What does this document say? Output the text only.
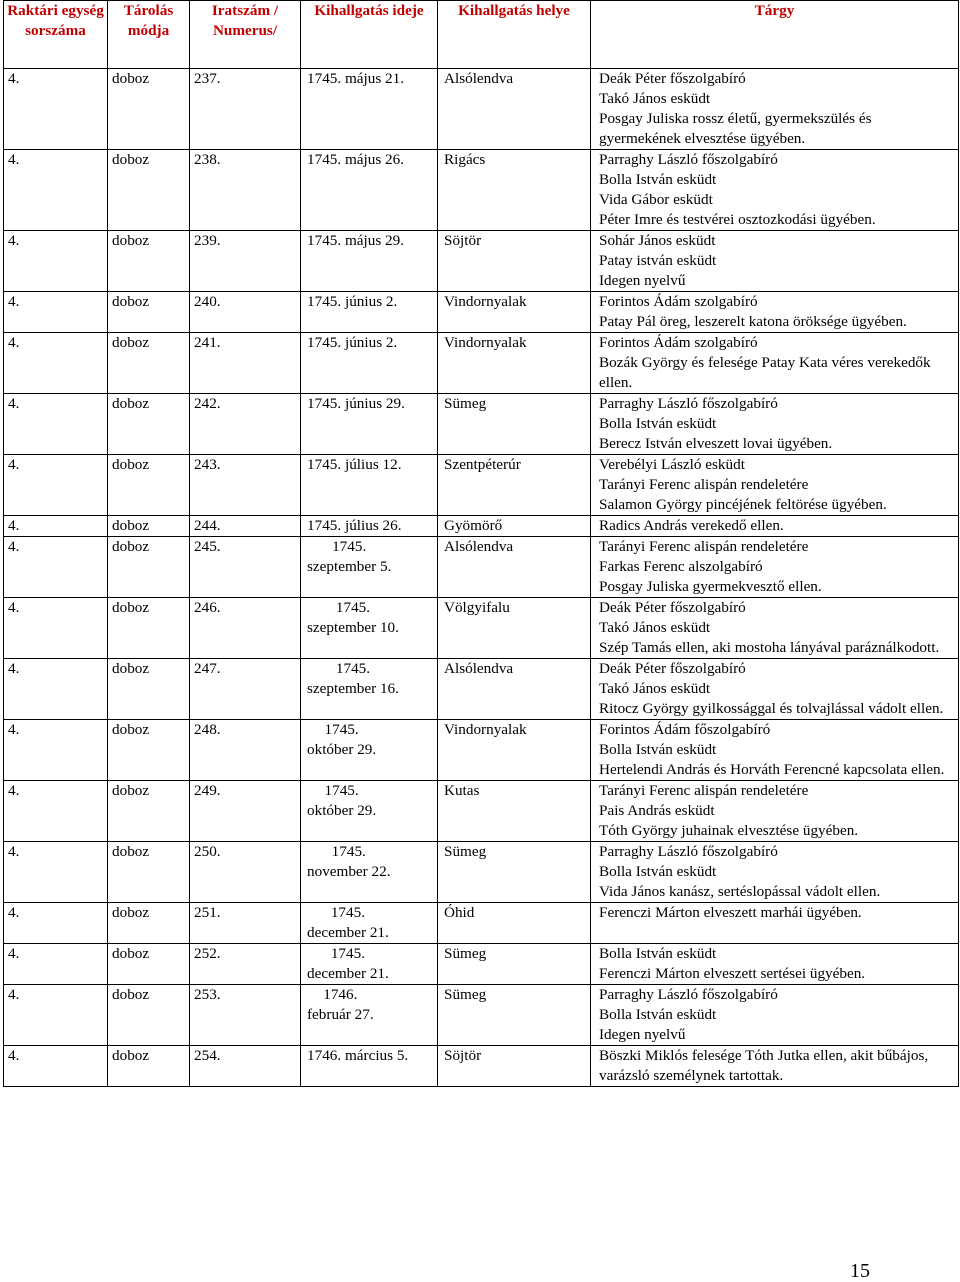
Raktári egység sorszáma	Tárolás módja	Iratszám / Numerus/	Kihallgatás ideje	Kihallgatás helye	Tárgy
4.	doboz	237.	1745. május 21.	Alsólendva	Deák Péter főszolgabíró
Takó János esküdt
Posgay Juliska rossz életű, gyermekszülés és gyermekének elvesztése ügyében.

4.	doboz	238.	1745. május 26.	Rigács	Parraghy László főszolgabíró
Bolla István esküdt
Vida Gábor esküdt
Péter Imre és testvérei osztozkodási ügyében.

4.	doboz	239.	1745. május 29.	Söjtör	Sohár János esküdt
Patay istván esküdt
Idegen nyelvű

4.	doboz	240.	1745. június 2.	Vindornyalak	Forintos Ádám szolgabíró
Patay Pál öreg, leszerelt katona öröksége ügyében.

4.	doboz	241.	1745. június 2.	Vindornyalak	Forintos Ádám szolgabíró
Bozák György és felesége Patay Kata véres verekedők ellen.

4.	doboz	242.	1745. június 29.	Sümeg	Parraghy László főszolgabíró
Bolla István esküdt
Berecz István elveszett lovai ügyében.

4.	doboz	243.	1745. július 12.	Szentpéterúr	Verebélyi László esküdt
Tarányi Ferenc alispán rendeletére
Salamon György pincéjének feltörése ügyében.

4.	doboz	244.	1745. július 26.	Gyömörő	Radics András verekedő ellen.

4.	doboz	245.	1745.
szeptember 5.	Alsólendva	Tarányi Ferenc alispán rendeletére
Farkas Ferenc alszolgabíró
Posgay Juliska gyermekvesztő ellen.

4.	doboz	246.	1745.
szeptember 10.	Völgyifalu	Deák Péter főszolgabíró
Takó János esküdt
Szép Tamás ellen, aki mostoha lányával paráználkodott.

4.	doboz	247.	1745.
szeptember 16.	Alsólendva	Deák Péter főszolgabíró
Takó János esküdt
Ritocz György gyilkossággal és tolvajlással vádolt ellen.

4.	doboz	248.	1745.
október 29.	Vindornyalak	Forintos Ádám főszolgabíró
Bolla István esküdt
Hertelendi András és Horváth Ferencné kapcsolata ellen.

4.	doboz	249.	1745.
október 29.	Kutas	Tarányi Ferenc alispán rendeletére
Pais András esküdt
Tóth György juhainak elvesztése ügyében.

4.	doboz	250.	1745.
november 22.	Sümeg	Parraghy László főszolgabíró
Bolla István esküdt
Vida János kanász, sertéslopással vádolt ellen.

4.	doboz	251.	1745.
december 21.	Óhid	Ferenczi Márton elveszett marhái ügyében.

4.	doboz	252.	1745.
december 21.	Sümeg	Bolla István esküdt
Ferenczi Márton elveszett sertései ügyében.

4.	doboz	253.	1746.
február 27.	Sümeg	Parraghy László főszolgabíró
Bolla István esküdt
Idegen nyelvű

4.	doboz	254.	1746. március 5.	Söjtör	Böszki Miklós felesége Tóth Jutka ellen, akit bűbájos, varázsló személynek tartottak.
15
